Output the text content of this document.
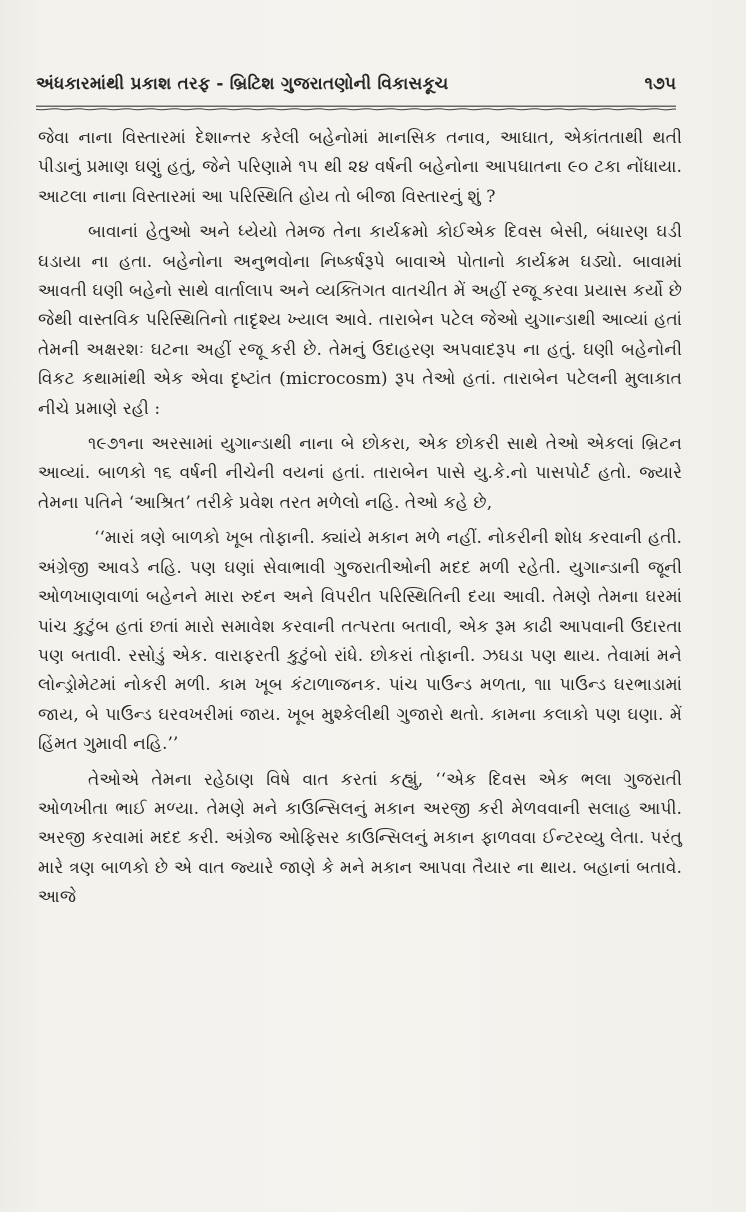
અંધકારમાંથી પ્રકાશ તરફ - બ્રિટિશ ગુજરાતણોની વિકાસકૂચ	૧૭૫

જેવા નાના વિસ્તારમાં દેશાન્તર કરેલી બહેનોમાં માનસિક તનાવ, આઘાત, એકાંતતાથી થતી પીડાનું પ્રમાણ ઘણું હતું, જેને પરિણામે ૧૫ થી ૨૪ વર્ષની બહેનોના આપઘાતના ૯૦ ટકા નોંધાયા. આટલા નાના વિસ્તારમાં આ પરિસ્થિતિ હોય તો બીજા વિસ્તારનું શું ?

બાવાનાં હેતુઓ અને ધ્યેયો તેમજ તેના કાર્યક્રમો કોઈએક દિવસ બેસી, બંધારણ ઘડી ઘડાયા ના હતા. બહેનોના અનુભવોના નિષ્કર્ષરૂપે બાવાએ પોતાનો કાર્યક્રમ ઘડ્યો. બાવામાં આવતી ઘણી બહેનો સાથે વાર્તાલાપ અને વ્યક્તિગત વાતચીત મેં અહીં રજૂ કરવા પ્રયાસ કર્યો છે જેથી વાસ્તવિક પરિસ્થિતિનો તાદૃશ્ય ખ્યાલ આવે. તારાબેન પટેલ જેઓ યુગાન્ડાથી આવ્યાં હતાં તેમની અક્ષરશઃ ઘટના અહીં રજૂ કરી છે. તેમનું ઉદાહરણ અપવાદરૂપ ના હતું. ઘણી બહેનોની વિકટ કથામાંથી એક એવા દૃષ્ટાંત (microcosm) રૂપ તેઓ હતાં. તારાબેન પટેલની મુલાકાત નીચે પ્રમાણે રહી :

૧૯૭૧ના અરસામાં યુગાન્ડાથી નાના બે છોકરા, એક છોકરી સાથે તેઓ એકલાં બ્રિટન આવ્યાં. બાળકો ૧૬ વર્ષની નીચેની વયનાં હતાં. તારાબેન પાસે યુ.કે.નો પાસપોર્ટ હતો. જ્યારે તેમના પતિને ‘આશ્રિત’ તરીકે પ્રવેશ તરત મળેલો નહિ. તેઓ કહે છે,

‘‘મારાં ત્રણે બાળકો ખૂબ તોફાની. ક્યાંયે મકાન મળે નહીં. નોકરીની શોધ કરવાની હતી. અંગ્રેજી આવડે નહિ. પણ ઘણાં સેવાભાવી ગુજરાતીઓની મદદ મળી રહેતી. યુગાન્ડાની જૂની ઓળખાણવાળાં બહેનને મારા રુદન અને વિપરીત પરિસ્થિતિની દયા આવી. તેમણે તેમના ઘરમાં પાંચ કુટુંબ હતાં છતાં મારો સમાવેશ કરવાની તત્પરતા બતાવી, એક રૂમ કાઢી આપવાની ઉદારતા પણ બતાવી. રસોડું એક. વારાફરતી કુટુંબો રાંધે. છોકરાં તોફાની. ઝઘડા પણ થાય. તેવામાં મને લોન્ડ્રોમેટમાં નોકરી મળી. કામ ખૂબ કંટાળાજનક. પાંચ પાઉન્ડ મળતા, ૧।। પાઉન્ડ ઘરભાડામાં જાય, બે પાઉન્ડ ઘરવખરીમાં જાય. ખૂબ મુશ્કેલીથી ગુજારો થતો. કામના કલાકો પણ ઘણા. મેં હિંમત ગુમાવી નહિ.’’

તેઓએ તેમના રહેઠાણ વિષે વાત કરતાં કહ્યું, ‘‘એક દિવસ એક ભલા ગુજરાતી ઓળખીતા ભાઈ મળ્યા. તેમણે મને કાઉન્સિલનું મકાન અરજી કરી મેળવવાની સલાહ આપી. અરજી કરવામાં મદદ કરી. અંગ્રેજ ઓફિસર કાઉન્સિલનું મકાન ફાળવવા ઈન્ટરવ્યુ લેતા. પરંતુ મારે ત્રણ બાળકો છે એ વાત જ્યારે જાણે કે મને મકાન આપવા તૈયાર ના થાય. બહાનાં બતાવે. આજે
